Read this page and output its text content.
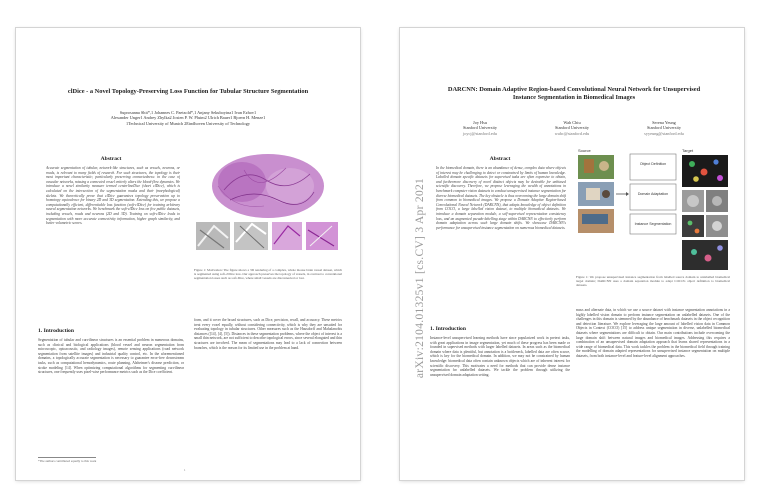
clDice - a Novel Topology-Preserving Loss Function for Tubular Structure Segmentation
Suprosanna Shit*,1 Johannes C. Paetzold*,1 Anjany Sekuboyina1 Ivan Ezhov1
Alexander Unger1 Andrey Zhylka2 Josien P. W. Pluim2 Ulrich Bauer1 Bjoern H. Menze1
1Technical University of Munich 2Eindhoven University of Technology
Abstract
Accurate segmentation of tubular, network-like structures, such as vessels, neurons, or roads, is relevant to many fields of research. For such structures, the topology is their most important characteristic; particularly preserving connectedness: in the case of vascular networks, missing a connected vessel entirely alters the blood-flow dynamics. We introduce a novel similarity measure termed centerlineDice (short clDice), which is calculated on the intersection of the segmentation masks and their (morphological) skeleta. We theoretically prove that clDice guarantees topology preservation up to homotopy equivalence for binary 2D and 3D segmentation. Extending this, we propose a computationally efficient, differentiable loss function (soft-clDice) for training arbitrary neural segmentation networks. We benchmark the soft-clDice loss on five public datasets, including vessels, roads and neurons (2D and 3D). Training on soft-clDice leads to segmentation with more accurate connectivity information, higher graph similarity, and better volumetric scores.
1. Introduction
Segmentation of tubular and curvilinear structures is an essential problem in numerous domains, such as clinical and biological applications (blood vessel and neuron segmentation from microscopic, optoacoustic, and radiology images), remote sensing applications (road network segmentation from satellite images) and industrial quality control, etc. In the aforementioned domains, a topologically accurate segmentation is necessary to guarantee error-free downstream tasks, such as computational hemodynamics, route planning, Alzheimer's disease prediction, or stroke modeling [14]. When optimizing computational algorithms for segmenting curvilinear structures, one frequently uses pixel-wise performance metrics such as the Dice coefficient.
*The authors contributed equally to this work
Figure 1: Motivation: The figure shows a 3D rendering of a complex, whole mouse brain vessel dataset, which is segmented using soft-clDice loss. Our approach preserves the topology of vessels, in contrast to conventional segmentation losses such as soft-Dice, where small vessels are disconnected or lost.
form, and it cover the broad structures, such as Dice, precision, recall, and accuracy. These metrics treat every voxel equally, without considering connectivity, which is why they are unsuited for evaluating topology in tubular structures. Other measures such as the Hausdorff and Mahalanobis distances ([14], [4], [5]). Distances in these segmentation problems, where the object of interest is a small thin network, are not sufficient to describe topological errors, since several elongated and thin structures are involved. The mean of segmentations may lead to a lack of connection between branches, which is the reason for its limited use in the problem at hand.
1
arXiv:2104.01325v1 [cs.CV] 3 Apr 2021
DARCNN: Domain Adaptive Region-based Convolutional Neural Network for Unsupervised Instance Segmentation in Biomedical Images
Joy Hsu
Stanford University
joycj@stanford.edu
Wah Chiu
Stanford University
wahc@stanford.edu
Serena Yeung
Stanford University
syyeung@stanford.edu
Abstract
In the biomedical domain, there is an abundance of dense, complex data where objects of interest may be challenging to detect or constrained by limits of human knowledge. Labelled domain specific datasets for supervised tasks are often expensive to obtain, and furthermore discovery of novel distinct objects may be desirable for unbiased scientific discovery. Therefore, we propose leveraging the wealth of annotations in benchmark computer vision datasets to conduct unsupervised instance segmentation for diverse biomedical datasets. The key obstacle is thus overcoming the large domain shift from common to biomedical images. We propose a Domain Adaptive Region-based Convolutional Neural Network (DARCNN), that adapts knowledge of object definition from COCO, a large labelled vision dataset, to multiple biomedical datasets. We introduce a domain separation module, a self-supervised representation consistency loss, and an augmented pseudo-labelling stage within DARCNN to effectively perform domain adaptation across such large domain shifts. We showcase DARCNN's performance for unsupervised instance segmentation on numerous biomedical datasets.
1. Introduction
Instance-level unsupervised learning methods have since popularized work in pretext tasks, with great applications in image segmentation, yet much of these progress has been made or founded in supervised methods with larger labelled datasets. In areas such as the biomedical domain where data is plentiful, but annotation is a bottleneck, labelled data are often scarce, which is key for the biomedical domain. In addition, we may not be constrained by human knowledge: biomedical data often contain unknown objects which are of inherent interest for scientific discovery. This motivates a need for methods that can provide dense instance segmentation for unlabelled datasets. We tackle the problem through utilizing the unsupervised domain adaptation setting.
Source
Object Definition
Domain Adaptation
Instance Segmentation
Target
Figure 1: We propose unsupervised instance segmentation from labelled source domain to unlabelled biomedical target domain; DARCNN uses a domain separation module to adapt COCO's object definition to biomedical datasets.
mass and alternate data, in which we use a source dataset with instance segmentation annotations in a highly labelled vision domain to perform instance segmentation on unlabelled datasets. One of the challenges in this domain is stemmed by the abundance of benchmark datasets in the object recognition and detection literature. We explore leveraging the large amount of labelled vision data in Common Objects in Context (COCO) [15] to address unique segmentation in diverse, unlabelled biomedical datasets where segmentations are difficult to obtain. Our main contributions include overcoming the large domain shift between natural images and biomedical images. Addressing this requires a combination of an unsupervised domain adaptation approach that learns shared representations in a wide range of biomedical data. This work tackles the problem in the biomedical field through training the modelling of domain adapted representations for unsupervised instance segmentation on multiple datasets, from both instance-level and feature-level alignment approaches.
